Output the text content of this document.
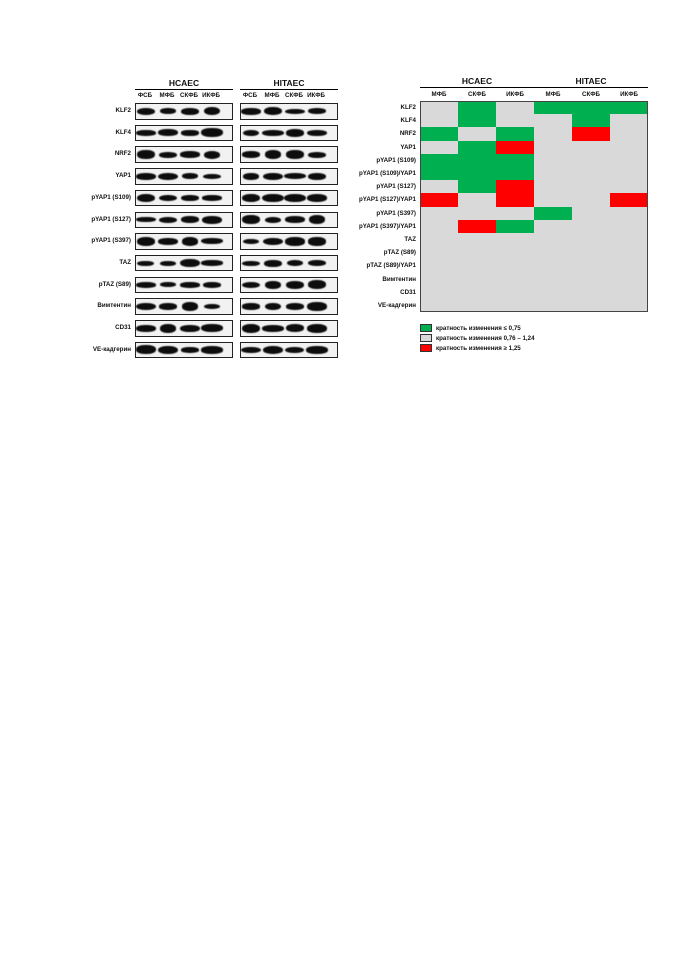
HCAEC
ФСБ	МФБ СКФБ ИКФБ
HITAEC
ФСБ	МФБ СКФБ ИКФБ
KLF2
KLF4
NRF2
YAP1
pYAP1 (S109)
pYAP1 (S127)
pYAP1 (S397)
TAZ
pTAZ (S89)
Вимтентин
CD31
VE-кадгерин
HCAEC
МФБ	СКФБ	ИКФБ
HITAEC
МФБ	СКФБ	ИКФБ
KLF2
KLF4
NRF2
YAP1
pYAP1 (S109)
pYAP1 (S109)/YAP1
pYAP1 (S127)
pYAP1 (S127)/YAP1
pYAP1 (S397)
pYAP1 (S397)/YAP1
TAZ
pTAZ (S89)
pTAZ (S89)/YAP1
Вимтентин
CD31
VE-кадгерин
кратность изменения ≤ 0,75
кратность изменения 0,76 – 1,24
кратность изменения ≥ 1,25
